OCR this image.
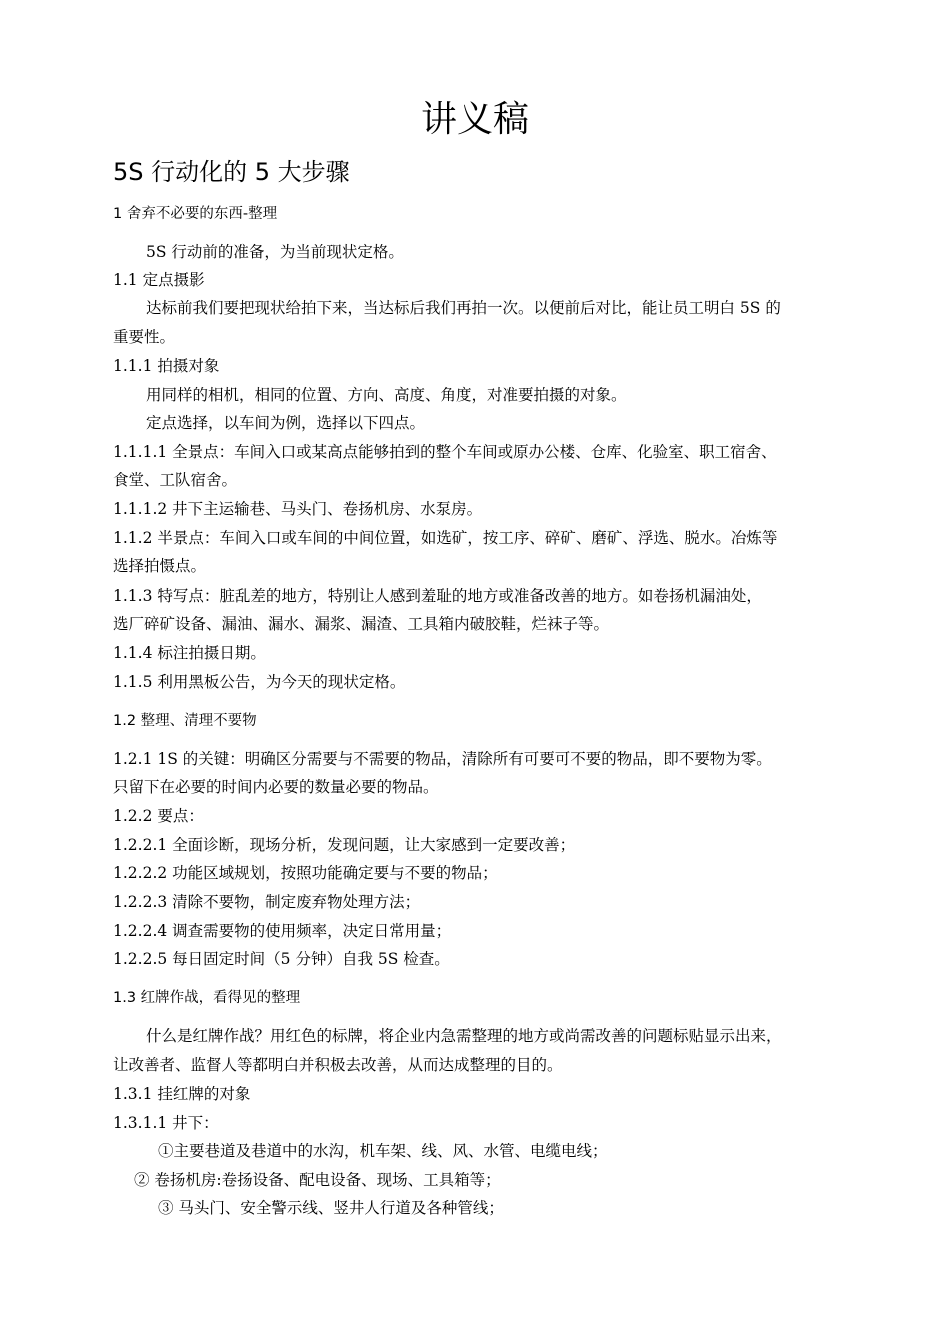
讲义稿
5S 行动化的 5 大步骤
1 舍弃不必要的东西-整理
5S 行动前的准备，为当前现状定格。
1.1 定点摄影
达标前我们要把现状给拍下来，当达标后我们再拍一次。以便前后对比，能让员工明白 5S 的
重要性。
1.1.1 拍摄对象
用同样的相机，相同的位置、方向、高度、角度，对准要拍摄的对象。
定点选择，以车间为例，选择以下四点。
1.1.1.1 全景点：车间入口或某高点能够拍到的整个车间或原办公楼、仓库、化验室、职工宿舍、
食堂、工队宿舍。
1.1.1.2 井下主运输巷、马头门、卷扬机房、水泵房。
1.1.2 半景点：车间入口或车间的中间位置，如选矿，按工序、碎矿、磨矿、浮选、脱水。冶炼等
选择拍慑点。
1.1.3 特写点：脏乱差的地方，特别让人感到羞耻的地方或准备改善的地方。如卷扬机漏油处，
选厂碎矿设备、漏油、漏水、漏浆、漏渣、工具箱内破胶鞋，烂袜子等。
1.1.4 标注拍摄日期。
1.1.5 利用黑板公告，为今天的现状定格。
1.2 整理、清理不要物
1.2.1 1S 的关键：明确区分需要与不需要的物品，清除所有可要可不要的物品，即不要物为零。
只留下在必要的时间内必要的数量必要的物品。
1.2.2 要点：
1.2.2.1 全面诊断，现场分析，发现问题，让大家感到一定要改善；
1.2.2.2 功能区域规划，按照功能确定要与不要的物品；
1.2.2.3 清除不要物，制定废弃物处理方法；
1.2.2.4 调查需要物的使用频率，决定日常用量；
1.2.2.5 每日固定时间（5 分钟）自我 5S 检查。
1.3 红牌作战，看得见的整理
什么是红牌作战？用红色的标牌，将企业内急需整理的地方或尚需改善的问题标贴显示出来，
让改善者、监督人等都明白并积极去改善，从而达成整理的目的。
1.3.1 挂红牌的对象
1.3.1.1 井下：
①主要巷道及巷道中的水沟，机车架、线、风、水管、电缆电线；
② 卷扬机房:卷扬设备、配电设备、现场、工具箱等；
③ 马头门、安全警示线、竖井人行道及各种管线；
